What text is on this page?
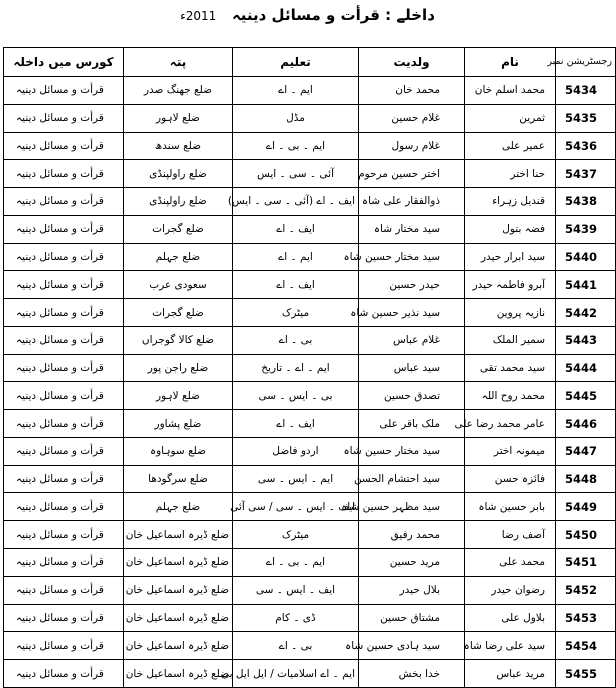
داخلے : قرأت و مسائل دینیہ   2011ء
رجسٹریشن نمبر	نام	ولدیت	تعلیم	پتہ	کورس میں داخلہ
5434	محمد اسلم خان	محمد خان	ایم ۔ اے	ضلع جھنگ صدر	قرأت و مسائل دینیہ
5435	ثمرین	غلام حسین	مڈل	ضلع لاہور	قرأت و مسائل دینیہ
5436	عمیر علی	غلام رسول	ایم ۔ بی ۔ اے	ضلع سندھ	قرأت و مسائل دینیہ
5437	حنا اختر	اختر حسین مرحوم	آئی ۔ سی ۔ ایس	ضلع راولپنڈی	قرأت و مسائل دینیہ
5438	قندیل زہراء	ذوالفقار علی شاہ	ایف ۔ اے (آئی ۔ سی ۔ ایس)	ضلع راولپنڈی	قرأت و مسائل دینیہ
5439	فضہ بتول	سید مختار شاہ	ایف ۔ اے	ضلع گجرات	قرأت و مسائل دینیہ
5440	سید ابرار حیدر	سید مختار حسین شاہ	ایم ۔ اے	ضلع جہلم	قرأت و مسائل دینیہ
5441	آبرو فاطمہ حیدر	حیدر حسین	ایف ۔ اے	سعودی عرب	قرأت و مسائل دینیہ
5442	نازیہ پروین	سید نذیر حسین شاہ	میٹرک	ضلع گجرات	قرأت و مسائل دینیہ
5443	سمیر الملک	غلام عباس	بی ۔ اے	ضلع کالا گوجراں	قرأت و مسائل دینیہ
5444	سید محمد تقی	سید عباس	ایم ۔ اے ۔ تاریخ	ضلع راجن پور	قرأت و مسائل دینیہ
5445	محمد روح اللہ	تصدق حسین	بی ۔ ایس ۔ سی	ضلع لاہور	قرأت و مسائل دینیہ
5446	عامر محمد رضا علی	ملک باقر علی	ایف ۔ اے	ضلع پشاور	قرأت و مسائل دینیہ
5447	میمونہ اختر	سید مختار حسین شاہ	اردو فاضل	ضلع سوہاوہ	قرأت و مسائل دینیہ
5448	فائزہ حسن	سید احتشام الحسن	ایم ۔ ایس ۔ سی	ضلع سرگودھا	قرأت و مسائل دینیہ
5449	بابر حسین شاہ	سید مظہر حسین شاہ	ایف ۔ ایس ۔ سی / سی آئی	ضلع جہلم	قرأت و مسائل دینیہ
5450	آصف رضا	محمد رفیق	میٹرک	ضلع ڈیرہ اسماعیل خان	قرأت و مسائل دینیہ
5451	محمد علی	مرید حسین	ایم ۔ بی ۔ اے	ضلع ڈیرہ اسماعیل خان	قرأت و مسائل دینیہ
5452	رضوان حیدر	بلال حیدر	ایف ۔ ایس ۔ سی	ضلع ڈیرہ اسماعیل خان	قرأت و مسائل دینیہ
5453	بلاول علی	مشتاق حسین	ڈی ۔ کام	ضلع ڈیرہ اسماعیل خان	قرأت و مسائل دینیہ
5454	سید علی رضا شاہ	سید ہادی حسین شاہ	بی ۔ اے	ضلع ڈیرہ اسماعیل خان	قرأت و مسائل دینیہ
5455	مرید عباس	خدا بخش	ایم ۔ اے اسلامیات / ایل ایل بی	ضلع ڈیرہ اسماعیل خان	قرأت و مسائل دینیہ
